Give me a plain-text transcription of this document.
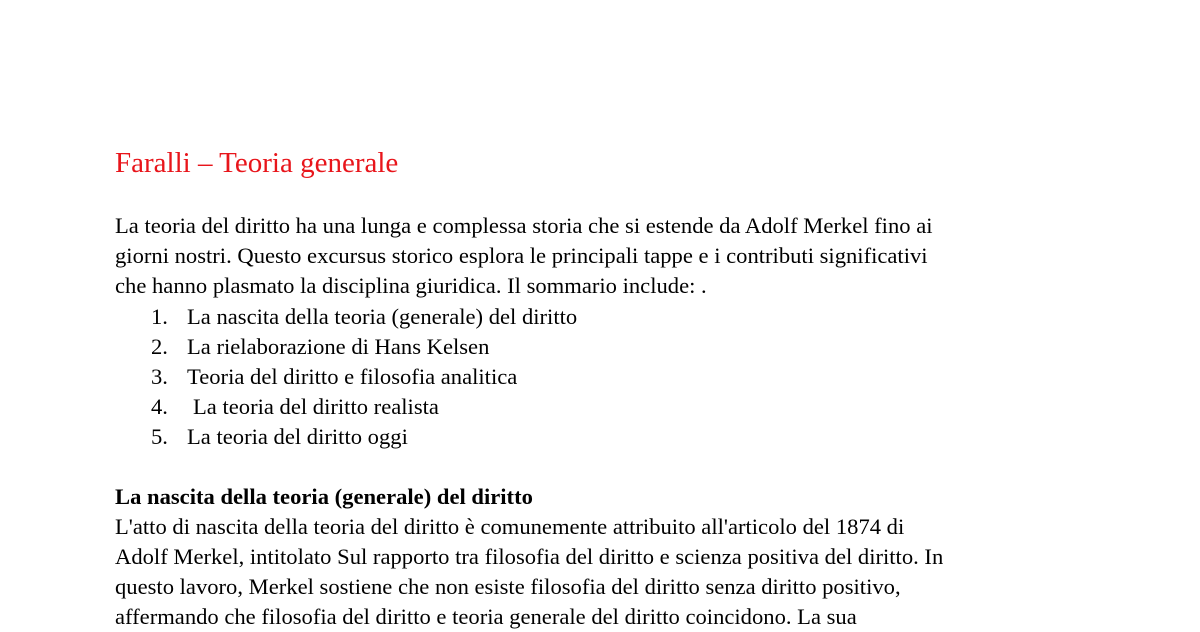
Faralli – Teoria generale

La teoria del diritto ha una lunga e complessa storia che si estende da Adolf Merkel fino ai
giorni nostri. Questo excursus storico esplora le principali tappe e i contributi significativi
che hanno plasmato la disciplina giuridica. Il sommario include: .

1. La nascita della teoria (generale) del diritto
2. La rielaborazione di Hans Kelsen
3. Teoria del diritto e filosofia analitica
4. La teoria del diritto realista
5. La teoria del diritto oggi
La nascita della teoria (generale) del diritto

L'atto di nascita della teoria del diritto è comunemente attribuito all'articolo del 1874 di
Adolf Merkel, intitolato Sul rapporto tra filosofia del diritto e scienza positiva del diritto. In
questo lavoro, Merkel sostiene che non esiste filosofia del diritto senza diritto positivo,
affermando che filosofia del diritto e teoria generale del diritto coincidono. La sua
